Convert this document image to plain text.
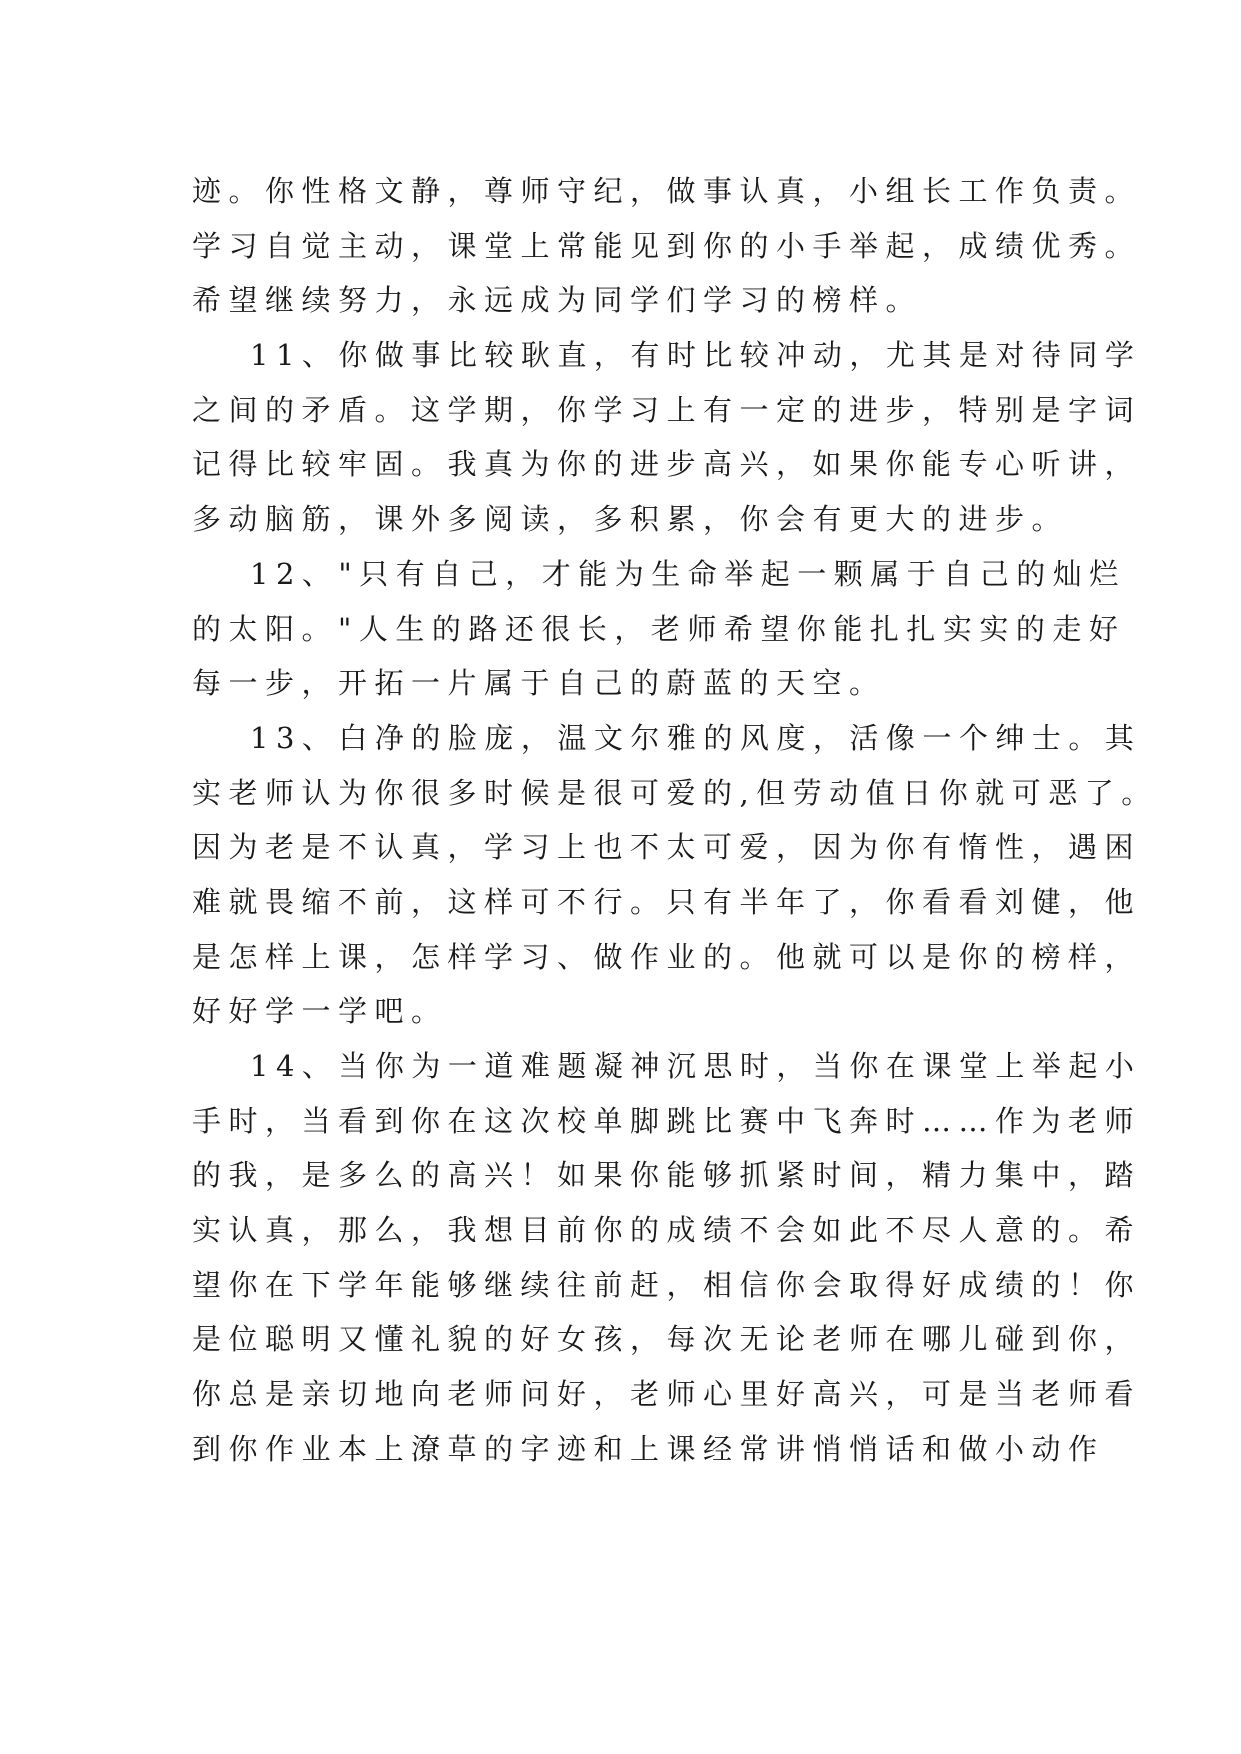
迹。你性格文静，尊师守纪，做事认真，小组长工作负责。
学习自觉主动，课堂上常能见到你的小手举起，成绩优秀。
希望继续努力，永远成为同学们学习的榜样。
11、你做事比较耿直，有时比较冲动，尤其是对待同学
之间的矛盾。这学期，你学习上有一定的进步，特别是字词
记得比较牢固。我真为你的进步高兴，如果你能专心听讲，
多动脑筋，课外多阅读，多积累，你会有更大的进步。
12、"只有自己，才能为生命举起一颗属于自己的灿烂
的太阳。"人生的路还很长，老师希望你能扎扎实实的走好
每一步，开拓一片属于自己的蔚蓝的天空。
13、白净的脸庞，温文尔雅的风度，活像一个绅士。其
实老师认为你很多时候是很可爱的,但劳动值日你就可恶了。
因为老是不认真，学习上也不太可爱，因为你有惰性，遇困
难就畏缩不前，这样可不行。只有半年了，你看看刘健，他
是怎样上课，怎样学习、做作业的。他就可以是你的榜样，
好好学一学吧。
14、当你为一道难题凝神沉思时，当你在课堂上举起小
手时，当看到你在这次校单脚跳比赛中飞奔时……作为老师
的我，是多么的高兴！如果你能够抓紧时间，精力集中，踏
实认真，那么，我想目前你的成绩不会如此不尽人意的。希
望你在下学年能够继续往前赶，相信你会取得好成绩的！你
是位聪明又懂礼貌的好女孩，每次无论老师在哪儿碰到你，
你总是亲切地向老师问好，老师心里好高兴，可是当老师看
到你作业本上潦草的字迹和上课经常讲悄悄话和做小动作
